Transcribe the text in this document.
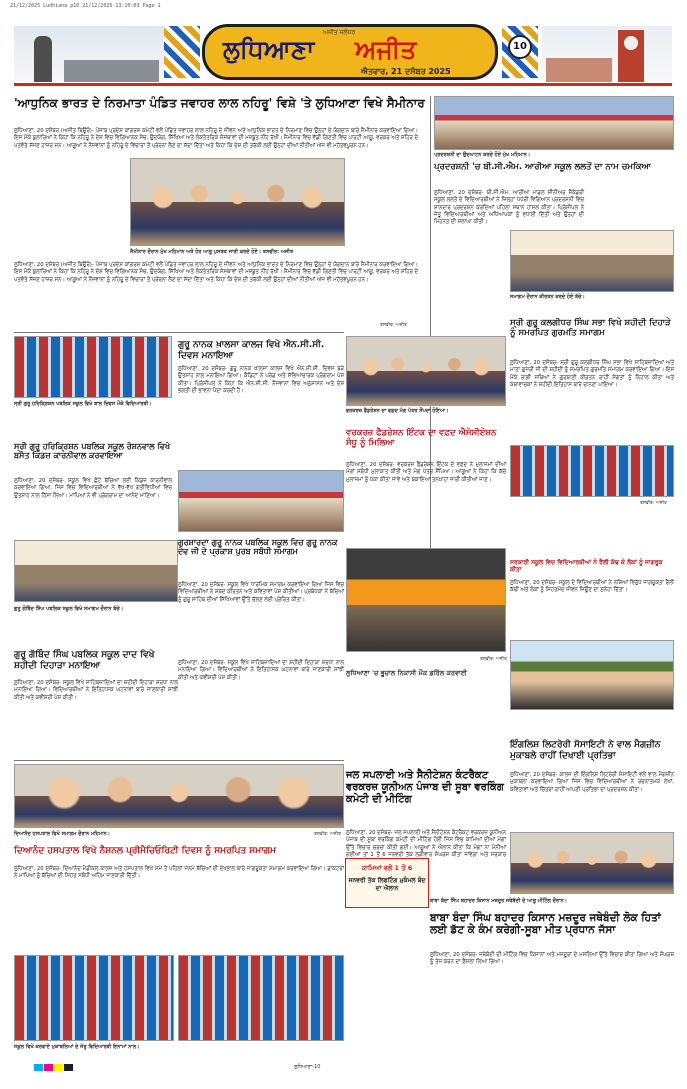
21/12/2025 Ludhiana p10 21/12/2025 13:10:03 Page 1
ਅਜੀਤ ਜਲੰਧਰ
ਲੁਧਿਆਣਾ ਅਜੀਤ
ਐਤਵਾਰ, 21 ਦਸੰਬਰ 2025
10
'ਆਧੁਨਿਕ ਭਾਰਤ ਦੇ ਨਿਰਮਾਤਾ ਪੰਡਿਤ ਜਵਾਹਰ ਲਾਲ ਨਹਿਰੂ' ਵਿਸ਼ੇ 'ਤੇ ਲੁਧਿਆਣਾ ਵਿਖੇ ਸੈਮੀਨਾਰ
ਲੁਧਿਆਣਾ, 20 ਦਸੰਬਰ (ਅਜੀਤ ਬਿਊਰੋ)- ਪੰਜਾਬ ਪ੍ਰਦੇਸ਼ ਕਾਂਗਰਸ ਕਮੇਟੀ ਵਲੋਂ ਪੰਡਿਤ ਜਵਾਹਰ ਲਾਲ ਨਹਿਰੂ ਦੇ ਜੀਵਨ ਅਤੇ ਆਧੁਨਿਕ ਭਾਰਤ ਦੇ ਨਿਰਮਾਣ ਵਿਚ ਉਨ੍ਹਾਂ ਦੇ ਯੋਗਦਾਨ ਬਾਰੇ ਸੈਮੀਨਾਰ ਕਰਵਾਇਆ ਗਿਆ। ਇਸ ਮੌਕੇ ਬੁਲਾਰਿਆਂ ਨੇ ਕਿਹਾ ਕਿ ਨਹਿਰੂ ਨੇ ਦੇਸ਼ ਵਿਚ ਵਿਗਿਆਨਕ ਸੋਚ, ਉਦਯੋਗ, ਸਿੱਖਿਆ ਅਤੇ ਲੋਕਤੰਤਰਿਕ ਸੰਸਥਾਵਾਂ ਦੀ ਮਜ਼ਬੂਤ ਨੀਂਹ ਰੱਖੀ। ਸੈਮੀਨਾਰ ਵਿਚ ਵੱਡੀ ਗਿਣਤੀ ਵਿਚ ਪਾਰਟੀ ਆਗੂ, ਵਰਕਰ ਅਤੇ ਸ਼ਹਿਰ ਦੇ ਪਤਵੰਤੇ ਸੱਜਣ ਹਾਜ਼ਰ ਸਨ। ਆਗੂਆਂ ਨੇ ਨੌਜਵਾਨਾਂ ਨੂੰ ਨਹਿਰੂ ਦੇ ਵਿਚਾਰਾਂ ਤੋਂ ਪ੍ਰੇਰਨਾ ਲੈਣ ਦਾ ਸੱਦਾ ਦਿੱਤਾ ਅਤੇ ਕਿਹਾ ਕਿ ਦੇਸ਼ ਦੀ ਤਰੱਕੀ ਲਈ ਉਨ੍ਹਾਂ ਦੀਆਂ ਨੀਤੀਆਂ ਅੱਜ ਵੀ ਮਹੱਤਵਪੂਰਨ ਹਨ।
ਸੈਮੀਨਾਰ ਦੌਰਾਨ ਮੁੱਖ ਮਹਿਮਾਨ ਅਤੇ ਹੋਰ ਆਗੂ ਪੁਸਤਕ ਜਾਰੀ ਕਰਦੇ ਹੋਏ। ਤਸਵੀਰ: ਅਜੀਤ
ਲੁਧਿਆਣਾ, 20 ਦਸੰਬਰ (ਅਜੀਤ ਬਿਊਰੋ)- ਪੰਜਾਬ ਪ੍ਰਦੇਸ਼ ਕਾਂਗਰਸ ਕਮੇਟੀ ਵਲੋਂ ਪੰਡਿਤ ਜਵਾਹਰ ਲਾਲ ਨਹਿਰੂ ਦੇ ਜੀਵਨ ਅਤੇ ਆਧੁਨਿਕ ਭਾਰਤ ਦੇ ਨਿਰਮਾਣ ਵਿਚ ਉਨ੍ਹਾਂ ਦੇ ਯੋਗਦਾਨ ਬਾਰੇ ਸੈਮੀਨਾਰ ਕਰਵਾਇਆ ਗਿਆ। ਇਸ ਮੌਕੇ ਬੁਲਾਰਿਆਂ ਨੇ ਕਿਹਾ ਕਿ ਨਹਿਰੂ ਨੇ ਦੇਸ਼ ਵਿਚ ਵਿਗਿਆਨਕ ਸੋਚ, ਉਦਯੋਗ, ਸਿੱਖਿਆ ਅਤੇ ਲੋਕਤੰਤਰਿਕ ਸੰਸਥਾਵਾਂ ਦੀ ਮਜ਼ਬੂਤ ਨੀਂਹ ਰੱਖੀ। ਸੈਮੀਨਾਰ ਵਿਚ ਵੱਡੀ ਗਿਣਤੀ ਵਿਚ ਪਾਰਟੀ ਆਗੂ, ਵਰਕਰ ਅਤੇ ਸ਼ਹਿਰ ਦੇ ਪਤਵੰਤੇ ਸੱਜਣ ਹਾਜ਼ਰ ਸਨ। ਆਗੂਆਂ ਨੇ ਨੌਜਵਾਨਾਂ ਨੂੰ ਨਹਿਰੂ ਦੇ ਵਿਚਾਰਾਂ ਤੋਂ ਪ੍ਰੇਰਨਾ ਲੈਣ ਦਾ ਸੱਦਾ ਦਿੱਤਾ ਅਤੇ ਕਿਹਾ ਕਿ ਦੇਸ਼ ਦੀ ਤਰੱਕੀ ਲਈ ਉਨ੍ਹਾਂ ਦੀਆਂ ਨੀਤੀਆਂ ਅੱਜ ਵੀ ਮਹੱਤਵਪੂਰਨ ਹਨ।
ਤਸਵੀਰ: ਅਜੀਤ
ਪ੍ਰਦਰਸ਼ਨੀ ਦਾ ਉਦਘਾਟਨ ਕਰਦੇ ਹੋਏ ਮੁੱਖ ਮਹਿਮਾਨ।
ਪ੍ਰਦਰਸ਼ਨੀ 'ਚ ਬੀ.ਸੀ.ਐਮ. ਆਰੀਆ ਸਕੂਲ ਲਲਤੋਂ ਦਾ ਨਾਮ ਚਮਕਿਆ
ਲੁਧਿਆਣਾ, 20 ਦਸੰਬਰ- ਬੀ.ਸੀ.ਐਮ. ਆਰੀਆ ਮਾਡਲ ਸੀਨੀਅਰ ਸੈਕੰਡਰੀ ਸਕੂਲ ਲਲਤੋਂ ਦੇ ਵਿਦਿਆਰਥੀਆਂ ਨੇ ਜ਼ਿਲ੍ਹਾ ਪੱਧਰੀ ਵਿਗਿਆਨ ਪ੍ਰਦਰਸ਼ਨੀ ਵਿਚ ਸ਼ਾਨਦਾਰ ਪ੍ਰਦਰਸ਼ਨ ਕਰਦਿਆਂ ਪਹਿਲਾ ਸਥਾਨ ਹਾਸਲ ਕੀਤਾ। ਪ੍ਰਿੰਸੀਪਲ ਨੇ ਜੇਤੂ ਵਿਦਿਆਰਥੀਆਂ ਅਤੇ ਅਧਿਆਪਕਾਂ ਨੂੰ ਵਧਾਈ ਦਿੱਤੀ ਅਤੇ ਉਨ੍ਹਾਂ ਦੀ ਮਿਹਨਤ ਦੀ ਸ਼ਲਾਘਾ ਕੀਤੀ।
ਸਮਾਗਮ ਦੌਰਾਨ ਕੀਰਤਨ ਕਰਦੇ ਹੋਏ ਬੱਚੇ।
ਸ੍ਰੀ ਗੁਰੂ ਕਲਗੀਧਰ ਸਿੰਘ ਸਭਾ ਵਿਖੇ ਸ਼ਹੀਦੀ ਦਿਹਾੜੇ ਨੂੰ ਸਮਰਪਿਤ ਗੁਰਮਤਿ ਸਮਾਗਮ
ਲੁਧਿਆਣਾ, 20 ਦਸੰਬਰ- ਸ੍ਰੀ ਗੁਰੂ ਕਲਗੀਧਰ ਸਿੰਘ ਸਭਾ ਵਿਖੇ ਸਾਹਿਬਜ਼ਾਦਿਆਂ ਅਤੇ ਮਾਤਾ ਗੁਜਰੀ ਜੀ ਦੀ ਸ਼ਹੀਦੀ ਨੂੰ ਸਮਰਪਿਤ ਗੁਰਮਤਿ ਸਮਾਗਮ ਕਰਵਾਇਆ ਗਿਆ। ਇਸ ਮੌਕੇ ਰਾਗੀ ਜਥਿਆਂ ਨੇ ਗੁਰਬਾਣੀ ਕੀਰਤਨ ਰਾਹੀਂ ਸੰਗਤਾਂ ਨੂੰ ਨਿਹਾਲ ਕੀਤਾ ਅਤੇ ਕਥਾਵਾਚਕਾਂ ਨੇ ਸ਼ਹੀਦੀ ਇਤਿਹਾਸ ਬਾਰੇ ਚਾਨਣਾ ਪਾਇਆ।
ਤਸਵੀਰ: ਅਜੀਤ
ਸ੍ਰੀ ਗੁਰੂ ਹਰਿਕ੍ਰਿਸ਼ਨ ਪਬਲਿਕ ਸਕੂਲ ਵਿਖੇ ਬਾਲ ਦਿਵਸ ਮੌਕੇ ਵਿਦਿਆਰਥੀ।
ਸ੍ਰੀ ਗੁਰੂ ਹਰਿਕ੍ਰਿਸ਼ਨ ਪਬਲਿਕ ਸਕੂਲ ਰੋਸ਼ਨਵਾਲ ਵਿਖੇ ਬਸੰਤ ਕਿਡਜ਼ ਕਾਰਨੀਵਾਲ ਕਰਵਾਇਆ
ਲੁਧਿਆਣਾ, 20 ਦਸੰਬਰ- ਸਕੂਲ ਵਿਖੇ ਛੋਟੇ ਬੱਚਿਆਂ ਲਈ ਕਿਡਜ਼ ਕਾਰਨੀਵਾਲ ਕਰਵਾਇਆ ਗਿਆ, ਜਿਸ ਵਿਚ ਵਿਦਿਆਰਥੀਆਂ ਨੇ ਵੱਖ-ਵੱਖ ਗਤੀਵਿਧੀਆਂ ਵਿਚ ਉਤਸ਼ਾਹ ਨਾਲ ਹਿੱਸਾ ਲਿਆ। ਮਾਪਿਆਂ ਨੇ ਵੀ ਪ੍ਰੋਗਰਾਮ ਦਾ ਆਨੰਦ ਮਾਣਿਆ।
ਗੁਰੂ ਨਾਨਕ ਖ਼ਾਲਸਾ ਕਾਲਜ ਵਿਖੇ ਐਨ.ਸੀ.ਸੀ. ਦਿਵਸ ਮਨਾਇਆ
ਲੁਧਿਆਣਾ, 20 ਦਸੰਬਰ- ਗੁਰੂ ਨਾਨਕ ਖ਼ਾਲਸਾ ਕਾਲਜ ਵਿਖੇ ਐਨ.ਸੀ.ਸੀ. ਦਿਵਸ ਬੜੇ ਉਤਸ਼ਾਹ ਨਾਲ ਮਨਾਇਆ ਗਿਆ। ਕੈਡਿਟਾਂ ਨੇ ਪਰੇਡ ਅਤੇ ਸੱਭਿਆਚਾਰਕ ਪ੍ਰੋਗਰਾਮ ਪੇਸ਼ ਕੀਤਾ। ਪ੍ਰਿੰਸੀਪਲ ਨੇ ਕਿਹਾ ਕਿ ਐਨ.ਸੀ.ਸੀ. ਨੌਜਵਾਨਾਂ ਵਿਚ ਅਨੁਸ਼ਾਸਨ ਅਤੇ ਦੇਸ਼ ਭਗਤੀ ਦੀ ਭਾਵਨਾ ਪੈਦਾ ਕਰਦੀ ਹੈ।
ਵਰਕਰਜ਼ ਫੈਡਰੇਸ਼ਨ ਦਾ ਵਫ਼ਦ ਮੰਗ ਪੱਤਰ ਸੌਂਪਦਾ ਹੋਇਆ।
ਵਰਕਰਜ਼ ਫੈਡਰੇਸ਼ਨ ਇੰਟਕ ਦਾ ਵਫ਼ਦ ਐਸੋਸੀਏਸ਼ਨ ਸੰਧੂ ਨੂੰ ਮਿਲਿਆ
ਲੁਧਿਆਣਾ, 20 ਦਸੰਬਰ- ਵਰਕਰਜ਼ ਫੈਡਰੇਸ਼ਨ ਇੰਟਕ ਦੇ ਵਫ਼ਦ ਨੇ ਮੁਲਾਜ਼ਮਾਂ ਦੀਆਂ ਮੰਗਾਂ ਸਬੰਧੀ ਮੁਲਾਕਾਤ ਕੀਤੀ ਅਤੇ ਮੰਗ ਪੱਤਰ ਸੌਂਪਿਆ। ਆਗੂਆਂ ਨੇ ਕਿਹਾ ਕਿ ਕੱਚੇ ਮੁਲਾਜ਼ਮਾਂ ਨੂੰ ਪੱਕਾ ਕੀਤਾ ਜਾਵੇ ਅਤੇ ਬਕਾਇਆ ਤਨਖ਼ਾਹਾਂ ਜਾਰੀ ਕੀਤੀਆਂ ਜਾਣ।
ਗੁਰਸ਼ਾਰਦਾ ਗੁਰੂ ਨਾਨਕ ਪਬਲਿਕ ਸਕੂਲ ਵਿਚ ਗੁਰੂ ਨਾਨਕ ਦੇਵ ਜੀ ਦੇ ਪ੍ਰਕਾਸ਼ ਪੁਰਬ ਸਬੰਧੀ ਸਮਾਗਮ
ਲੁਧਿਆਣਾ, 20 ਦਸੰਬਰ- ਸਕੂਲ ਵਿਖੇ ਧਾਰਮਿਕ ਸਮਾਗਮ ਕਰਵਾਇਆ ਗਿਆ ਜਿਸ ਵਿਚ ਵਿਦਿਆਰਥੀਆਂ ਨੇ ਸ਼ਬਦ ਕੀਰਤਨ ਅਤੇ ਕਵਿਤਾਵਾਂ ਪੇਸ਼ ਕੀਤੀਆਂ। ਪ੍ਰਬੰਧਕਾਂ ਨੇ ਬੱਚਿਆਂ ਨੂੰ ਗੁਰੂ ਸਾਹਿਬ ਦੀਆਂ ਸਿੱਖਿਆਵਾਂ ਉੱਤੇ ਚੱਲਣ ਲਈ ਪ੍ਰੇਰਿਤ ਕੀਤਾ।
ਤਸਵੀਰ: ਅਜੀਤ
ਲੁਧਿਆਣਾ 'ਚ ਭੂਚਾਲ ਨਿਕਾਸੀ ਮੌਕ ਡਰਿੱਲ ਕਰਵਾਈ
ਸਰਕਾਰੀ ਸਕੂਲ ਵਿਚ ਵਿਦਿਆਰਥੀਆਂ ਨੇ ਰੈਲੀ ਕੱਢ ਕੇ ਲੋਕਾਂ ਨੂੰ ਜਾਗਰੂਕ ਕੀਤਾ
ਲੁਧਿਆਣਾ, 20 ਦਸੰਬਰ- ਸਕੂਲ ਦੇ ਵਿਦਿਆਰਥੀਆਂ ਨੇ ਨਸ਼ਿਆਂ ਵਿਰੁੱਧ ਜਾਗਰੂਕਤਾ ਰੈਲੀ ਕੱਢੀ ਅਤੇ ਲੋਕਾਂ ਨੂੰ ਸਿਹਤਮੰਦ ਜੀਵਨ ਜਿਊਣ ਦਾ ਸੁਨੇਹਾ ਦਿੱਤਾ।
ਗੁਰੂ ਗੋਬਿੰਦ ਸਿੰਘ ਪਬਲਿਕ ਸਕੂਲ ਵਿਖੇ ਸਮਾਗਮ ਦੌਰਾਨ ਬੱਚੇ।
ਗੁਰੂ ਗੋਬਿੰਦ ਸਿੰਘ ਪਬਲਿਕ ਸਕੂਲ ਦਾਦ ਵਿਖੇ ਸ਼ਹੀਦੀ ਦਿਹਾੜਾ ਮਨਾਇਆ
ਲੁਧਿਆਣਾ, 20 ਦਸੰਬਰ- ਸਕੂਲ ਵਿਖੇ ਸਾਹਿਬਜ਼ਾਦਿਆਂ ਦਾ ਸ਼ਹੀਦੀ ਦਿਹਾੜਾ ਸ਼ਰਧਾ ਨਾਲ ਮਨਾਇਆ ਗਿਆ। ਵਿਦਿਆਰਥੀਆਂ ਨੇ ਇਤਿਹਾਸਕ ਘਟਨਾਵਾਂ ਬਾਰੇ ਜਾਣਕਾਰੀ ਸਾਂਝੀ ਕੀਤੀ ਅਤੇ ਕਵੀਸ਼ਰੀ ਪੇਸ਼ ਕੀਤੀ।
ਲੁਧਿਆਣਾ, 20 ਦਸੰਬਰ- ਸਕੂਲ ਵਿਖੇ ਸਾਹਿਬਜ਼ਾਦਿਆਂ ਦਾ ਸ਼ਹੀਦੀ ਦਿਹਾੜਾ ਸ਼ਰਧਾ ਨਾਲ ਮਨਾਇਆ ਗਿਆ। ਵਿਦਿਆਰਥੀਆਂ ਨੇ ਇਤਿਹਾਸਕ ਘਟਨਾਵਾਂ ਬਾਰੇ ਜਾਣਕਾਰੀ ਸਾਂਝੀ ਕੀਤੀ ਅਤੇ ਕਵੀਸ਼ਰੀ ਪੇਸ਼ ਕੀਤੀ।
ਇੰਗਲਿਸ਼ ਲਿਟਰੇਰੀ ਸੋਸਾਇਟੀ ਨੇ ਵਾਲ ਮੈਗਜ਼ੀਨ ਮੁਕਾਬਲੇ ਰਾਹੀਂ ਦਿਖਾਈ ਪ੍ਰਤਿਭਾ
ਲੁਧਿਆਣਾ, 20 ਦਸੰਬਰ- ਕਾਲਜ ਦੀ ਇੰਗਲਿਸ਼ ਲਿਟਰੇਰੀ ਸੋਸਾਇਟੀ ਵਲੋਂ ਵਾਲ ਮੈਗਜ਼ੀਨ ਮੁਕਾਬਲਾ ਕਰਵਾਇਆ ਗਿਆ ਜਿਸ ਵਿਚ ਵਿਦਿਆਰਥੀਆਂ ਨੇ ਰਚਨਾਤਮਕ ਲੇਖਾਂ, ਕਵਿਤਾਵਾਂ ਅਤੇ ਚਿੱਤਰਾਂ ਰਾਹੀਂ ਆਪਣੀ ਪ੍ਰਤਿਭਾ ਦਾ ਪ੍ਰਦਰਸ਼ਨ ਕੀਤਾ।
ਦਿਆਨੰਦ ਹਸਪਤਾਲ ਵਿਖੇ ਸਮਾਗਮ ਦੌਰਾਨ ਮਹਿਮਾਨ।	ਤਸਵੀਰ: ਅਜੀਤ
ਦਿਆਨੰਦ ਹਸਪਤਾਲ ਵਿਖੇ ਨੈਸ਼ਨਲ ਪ੍ਰੀਮੈਚਿਓਰਿਟੀ ਦਿਵਸ ਨੂੰ ਸਮਰਪਿਤ ਸਮਾਗਮ
ਲੁਧਿਆਣਾ, 20 ਦਸੰਬਰ- ਦਿਆਨੰਦ ਮੈਡੀਕਲ ਕਾਲਜ ਅਤੇ ਹਸਪਤਾਲ ਵਿਖੇ ਸਮੇਂ ਤੋਂ ਪਹਿਲਾਂ ਜਨਮੇ ਬੱਚਿਆਂ ਦੀ ਦੇਖਭਾਲ ਬਾਰੇ ਜਾਗਰੂਕਤਾ ਸਮਾਗਮ ਕਰਵਾਇਆ ਗਿਆ। ਡਾਕਟਰਾਂ ਨੇ ਮਾਪਿਆਂ ਨੂੰ ਬੱਚਿਆਂ ਦੀ ਸਿਹਤ ਸਬੰਧੀ ਅਹਿਮ ਜਾਣਕਾਰੀ ਦਿੱਤੀ।
ਜਲ ਸਪਲਾਈ ਅਤੇ ਸੈਨੀਟੇਸ਼ਨ ਕੰਟਰੈਕਟ ਵਰਕਰਜ਼ ਯੂਨੀਅਨ ਪੰਜਾਬ ਦੀ ਸੂਬਾ ਵਰਕਿੰਗ ਕਮੇਟੀ ਦੀ ਮੀਟਿੰਗ
ਲੁਧਿਆਣਾ, 20 ਦਸੰਬਰ- ਜਲ ਸਪਲਾਈ ਅਤੇ ਸੈਨੀਟੇਸ਼ਨ ਕੰਟਰੈਕਟ ਵਰਕਰਜ਼ ਯੂਨੀਅਨ ਪੰਜਾਬ ਦੀ ਸੂਬਾ ਵਰਕਿੰਗ ਕਮੇਟੀ ਦੀ ਮੀਟਿੰਗ ਹੋਈ ਜਿਸ ਵਿਚ ਕਾਮਿਆਂ ਦੀਆਂ ਮੰਗਾਂ ਉੱਤੇ ਵਿਚਾਰ ਚਰਚਾ ਕੀਤੀ ਗਈ। ਆਗੂਆਂ ਨੇ ਐਲਾਨ ਕੀਤਾ ਕਿ ਮੰਗਾਂ ਨਾ ਮੰਨੀਆਂ ਗਈਆਂ ਤਾਂ 1 ਤੋਂ 6 ਜਨਵਰੀ ਤੱਕ ਲੜੀਵਾਰ ਸੰਘਰਸ਼ ਕੀਤਾ ਜਾਵੇਗਾ ਅਤੇ ਸਰਕਾਰ
ਕਾਮਿਆਂ ਵਲੋਂ 1 ਤੋਂ 6
ਜਨਵਰੀ ਤੱਕ ਲਿਫਟਿੰਗ ਮੁਕੰਮਲ ਬੰਦ ਦਾ ਐਲਾਨ
ਬਾਬਾ ਬੰਦਾ ਸਿੰਘ ਬਹਾਦਰ ਕਿਸਾਨ ਮਜ਼ਦੂਰ ਜਥੇਬੰਦੀ ਦੇ ਆਗੂ ਮੀਟਿੰਗ ਦੌਰਾਨ।
ਬਾਬਾ ਬੰਦਾ ਸਿੰਘ ਬਹਾਦਰ ਕਿਸਾਨ ਮਜ਼ਦੂਰ ਜਥੇਬੰਦੀ ਲੋਕ ਹਿਤਾਂ ਲਈ ਡੱਟ ਕੇ ਕੰਮ ਕਰੇਗੀ-ਸੂਬਾ ਮੀਤ ਪ੍ਰਧਾਨ ਜੱਸਾ
ਲੁਧਿਆਣਾ, 20 ਦਸੰਬਰ- ਜਥੇਬੰਦੀ ਦੀ ਮੀਟਿੰਗ ਵਿਚ ਕਿਸਾਨਾਂ ਅਤੇ ਮਜ਼ਦੂਰਾਂ ਦੇ ਮਸਲਿਆਂ ਉੱਤੇ ਵਿਚਾਰ ਕੀਤਾ ਗਿਆ ਅਤੇ ਸੰਘਰਸ਼ ਨੂੰ ਤੇਜ਼ ਕਰਨ ਦਾ ਫ਼ੈਸਲਾ ਲਿਆ ਗਿਆ।
ਸਕੂਲ ਵਿਖੇ ਕਰਵਾਏ ਮੁਕਾਬਲਿਆਂ ਦੇ ਜੇਤੂ ਵਿਦਿਆਰਥੀ ਇਨਾਮਾਂ ਨਾਲ।
ਲੁਧਿਆਣਾ-10
